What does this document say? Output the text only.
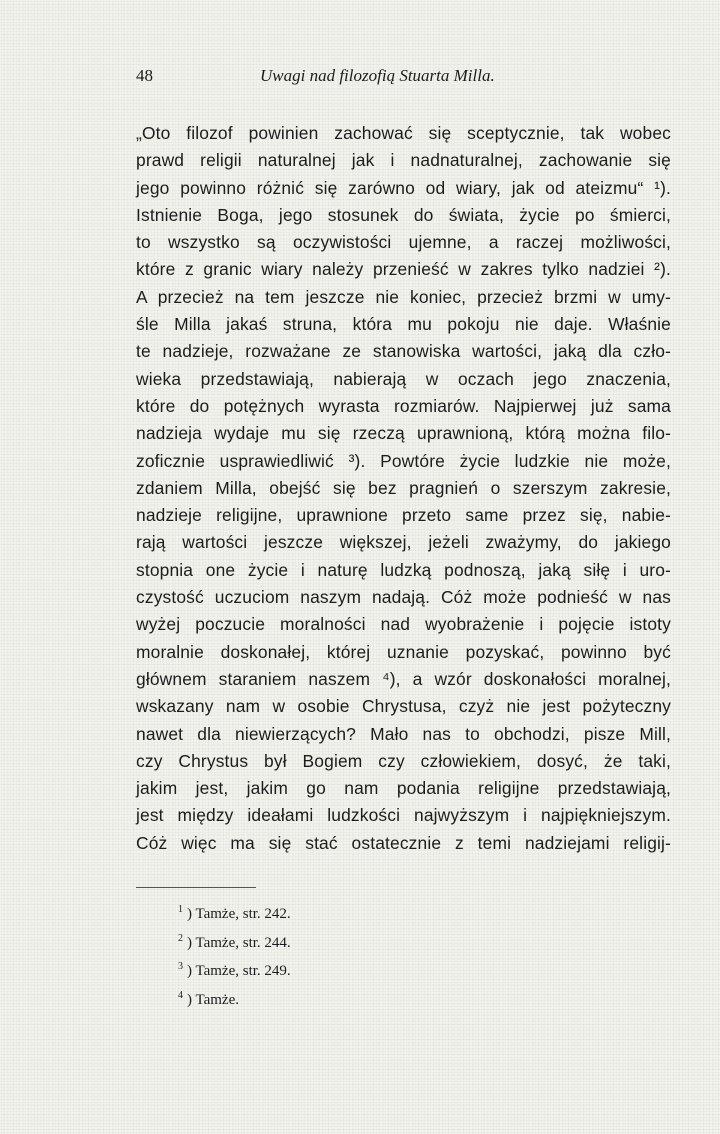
48	Uwagi nad filozofią Stuarta Milla.
„Oto filozof powinien zachować się sceptycznie, tak wobec
prawd religii naturalnej jak i nadnaturalnej, zachowanie się
jego powinno różnić się zarówno od wiary, jak od ateizmu“ ¹).
Istnienie Boga, jego stosunek do świata, życie po śmierci,
to wszystko są oczywistości ujemne, a raczej możliwości,
które z granic wiary należy przenieść w zakres tylko nadziei ²).
A przecież na tem jeszcze nie koniec, przecież brzmi w umy-
śle Milla jakaś struna, która mu pokoju nie daje. Właśnie
te nadzieje, rozważane ze stanowiska wartości, jaką dla czło-
wieka przedstawiają, nabierają w oczach jego znaczenia,
które do potężnych wyrasta rozmiarów. Najpierwej już sama
nadzieja wydaje mu się rzeczą uprawnioną, którą można filo-
zoficznie usprawiedliwić ³). Powtóre życie ludzkie nie może,
zdaniem Milla, obejść się bez pragnień o szerszym zakresie,
nadzieje religijne, uprawnione przeto same przez się, nabie-
rają wartości jeszcze większej, jeżeli zważymy, do jakiego
stopnia one życie i naturę ludzką podnoszą, jaką siłę i uro-
czystość uczuciom naszym nadają. Cóż może podnieść w nas
wyżej poczucie moralności nad wyobrażenie i pojęcie istoty
moralnie doskonałej, której uznanie pozyskać, powinno być
głównem staraniem naszem ⁴), a wzór doskonałości moralnej,
wskazany nam w osobie Chrystusa, czyż nie jest pożyteczny
nawet dla niewierzących? Mało nas to obchodzi, pisze Mill,
czy Chrystus był Bogiem czy człowiekiem, dosyć, że taki,
jakim jest, jakim go nam podania religijne przedstawiają,
jest między ideałami ludzkości najwyższym i najpiękniejszym.
Cóż więc ma się stać ostatecznie z temi nadziejami religij-
$^1$ ) Tamże, str. 242.
$^2$ ) Tamże, str. 244.
$^3$ ) Tamże, str. 249.
$^4$ ) Tamże.
